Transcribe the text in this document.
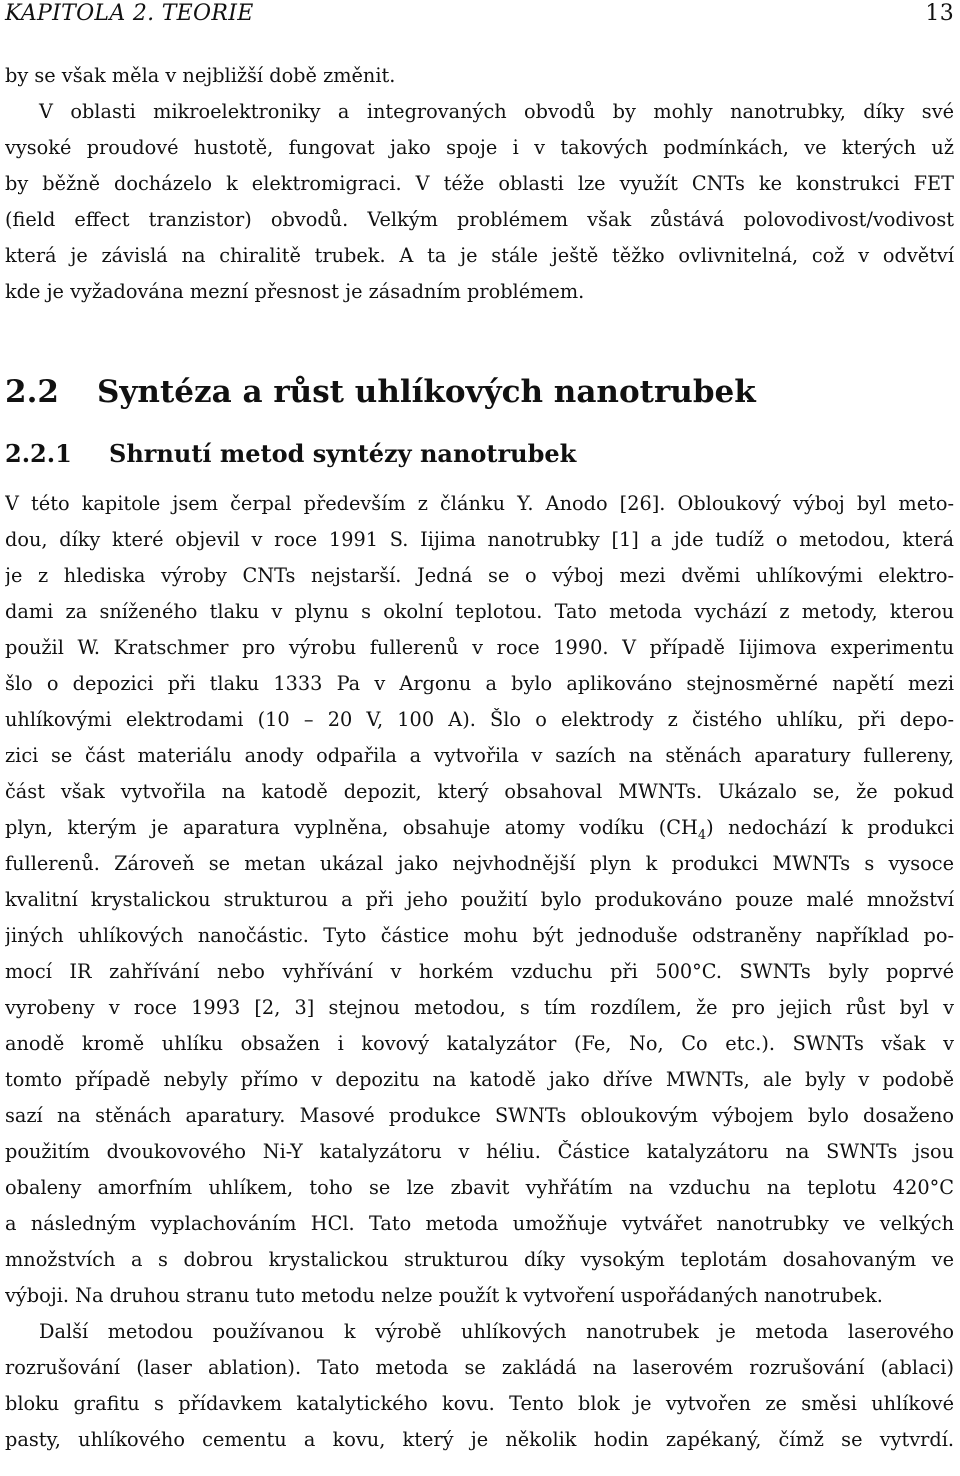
KAPITOLA 2. TEORIE	13
by se však měla v nejbližší době změnit.
V oblasti mikroelektroniky a integrovaných obvodů by mohly nanotrubky, díky své
vysoké proudové hustotě, fungovat jako spoje i v takových podmínkách, ve kterých už
by běžně docházelo k elektromigraci. V téže oblasti lze využít CNTs ke konstrukci FET
(field effect tranzistor) obvodů. Velkým problémem však zůstává polovodivost/vodivost
která je závislá na chiralitě trubek. A ta je stále ještě těžko ovlivnitelná, což v odvětví
kde je vyžadována mezní přesnost je zásadním problémem.
2.2 Syntéza a růst uhlíkových nanotrubek
2.2.1 Shrnutí metod syntézy nanotrubek
V této kapitole jsem čerpal především z článku Y. Anodo [26]. Obloukový výboj byl meto-
dou, díky které objevil v roce 1991 S. Iijima nanotrubky [1] a jde tudíž o metodou, která
je z hlediska výroby CNTs nejstarší. Jedná se o výboj mezi dvěmi uhlíkovými elektro-
dami za sníženého tlaku v plynu s okolní teplotou. Tato metoda vychází z metody, kterou
použil W. Kratschmer pro výrobu fullerenů v roce 1990. V případě Iijimova experimentu
šlo o depozici při tlaku 1333 Pa v Argonu a bylo aplikováno stejnosměrné napětí mezi
uhlíkovými elektrodami (10 – 20 V, 100 A). Šlo o elektrody z čistého uhlíku, při depo-
zici se část materiálu anody odpařila a vytvořila v sazích na stěnách aparatury fullereny,
část však vytvořila na katodě depozit, který obsahoval MWNTs. Ukázalo se, že pokud
plyn, kterým je aparatura vyplněna, obsahuje atomy vodíku $(CH_4)$ nedochází k produkci
fullerenů. Zároveň se metan ukázal jako nejvhodnější plyn k produkci MWNTs s vysoce
kvalitní krystalickou strukturou a při jeho použití bylo produkováno pouze malé množství
jiných uhlíkových nanočástic. Tyto částice mohu být jednoduše odstraněny například po-
mocí IR zahřívání nebo vyhřívání v horkém vzduchu při 500°C. SWNTs byly poprvé
vyrobeny v roce 1993 [2, 3] stejnou metodou, s tím rozdílem, že pro jejich růst byl v
anodě kromě uhlíku obsažen i kovový katalyzátor (Fe, No, Co etc.). SWNTs však v
tomto případě nebyly přímo v depozitu na katodě jako dříve MWNTs, ale byly v podobě
sazí na stěnách aparatury. Masové produkce SWNTs obloukovým výbojem bylo dosaženo
použitím dvoukovového Ni-Y katalyzátoru v héliu. Částice katalyzátoru na SWNTs jsou
obaleny amorfním uhlíkem, toho se lze zbavit vyhřátím na vzduchu na teplotu 420°C
a následným vyplachováním HCl. Tato metoda umožňuje vytvářet nanotrubky ve velkých
množstvích a s dobrou krystalickou strukturou díky vysokým teplotám dosahovaným ve
výboji. Na druhou stranu tuto metodu nelze použít k vytvoření uspořádaných nanotrubek.
Další metodou používanou k výrobě uhlíkových nanotrubek je metoda laserového
rozrušování (laser ablation). Tato metoda se zakládá na laserovém rozrušování (ablaci)
bloku grafitu s přídavkem katalytického kovu. Tento blok je vytvořen ze směsi uhlíkové
pasty, uhlíkového cementu a kovu, který je několik hodin zapékaný, čímž se vytvrdí.
